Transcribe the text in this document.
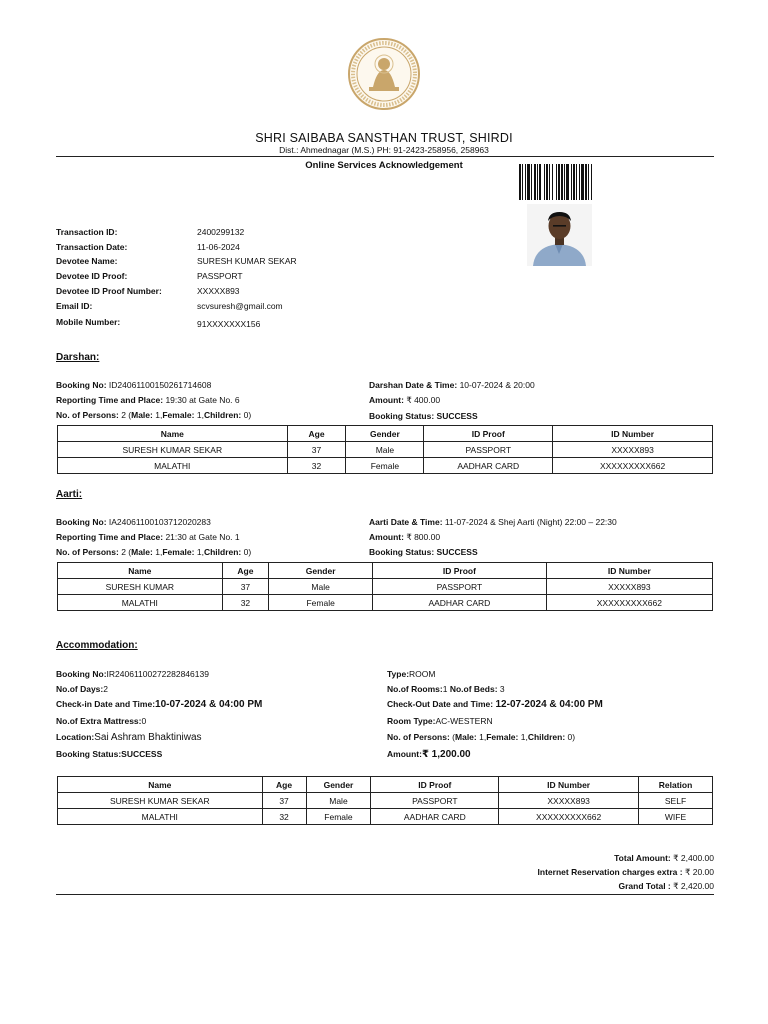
SHRI SAIBABA SANSTHAN TRUST, SHIRDI
Dist.: Ahmednagar (M.S.) PH: 91-2423-258956, 258963
Online Services Acknowledgement
Transaction ID:	2400299132
Transaction Date:	11-06-2024
Devotee Name:	SURESH KUMAR SEKAR
Devotee ID Proof:	PASSPORT
Devotee ID Proof Number:	XXXXX893
Email ID:	scvsuresh@gmail.com
Mobile Number:	91XXXXXXX156
Darshan:
Booking No: ID24061100150261714608
Reporting Time and Place: 19:30 at Gate No. 6
No. of Persons: 2 (Male: 1,Female: 1,Children: 0)
Darshan Date & Time: 10-07-2024 & 20:00
Amount: ₹ 400.00
Booking Status: SUCCESS
Name	Age	Gender	ID Proof	ID Number
SURESH KUMAR SEKAR	37	Male	PASSPORT	XXXXX893
MALATHI	32	Female	AADHAR CARD	XXXXXXXXX662
Aarti:
Booking No: IA24061100103712020283
Reporting Time and Place: 21:30 at Gate No. 1
No. of Persons: 2 (Male: 1,Female: 1,Children: 0)
Aarti Date & Time: 11-07-2024 & Shej Aarti (Night) 22:00 – 22:30
Amount: ₹ 800.00
Booking Status: SUCCESS
Name	Age	Gender	ID Proof	ID Number
SURESH KUMAR	37	Male	PASSPORT	XXXXX893
MALATHI	32	Female	AADHAR CARD	XXXXXXXXX662
Accommodation:
Booking No:IR24061100272282846139
No.of Days:2
Check-in Date and Time:10-07-2024 & 04:00 PM
No.of Extra Mattress:0
Location:Sai Ashram Bhaktiniwas
Booking Status:SUCCESS
Type:ROOM
No.of Rooms:1 No.of Beds: 3
Check-Out Date and Time: 12-07-2024 & 04:00 PM
Room Type:AC-WESTERN
No. of Persons: (Male: 1,Female: 1,Children: 0)
Amount:₹ 1,200.00
Name	Age	Gender	ID Proof	ID Number	Relation
SURESH KUMAR SEKAR	37	Male	PASSPORT	XXXXX893	SELF
MALATHI	32	Female	AADHAR CARD	XXXXXXXXX662	WIFE
Total Amount: ₹ 2,400.00
Internet Reservation charges extra : ₹ 20.00
Grand Total : ₹ 2,420.00
